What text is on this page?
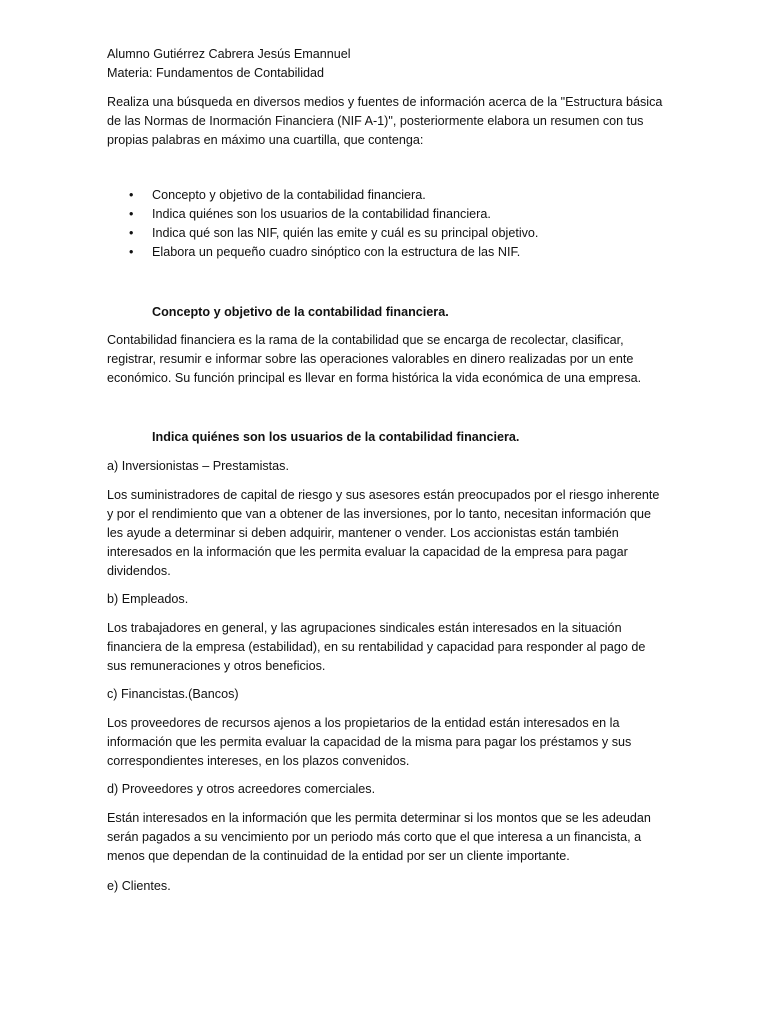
Alumno Gutiérrez Cabrera Jesús Emannuel
Materia: Fundamentos de Contabilidad
Realiza una búsqueda en diversos medios y fuentes de información acerca de la "Estructura básica
de las Normas de Inormación Financiera (NIF A-1)", posteriormente elabora un resumen con tus
propias palabras en máximo una cuartilla, que contenga:
• Concepto y objetivo de la contabilidad financiera.
• Indica quiénes son los usuarios de la contabilidad financiera.
• Indica qué son las NIF, quién las emite y cuál es su principal objetivo.
• Elabora un pequeño cuadro sinóptico con la estructura de las NIF.
Concepto y objetivo de la contabilidad financiera.
Contabilidad financiera es la rama de la contabilidad que se encarga de recolectar, clasificar,
registrar, resumir e informar sobre las operaciones valorables en dinero realizadas por un ente
económico. Su función principal es llevar en forma histórica la vida económica de una empresa.
Indica quiénes son los usuarios de la contabilidad financiera.
a) Inversionistas – Prestamistas.
Los suministradores de capital de riesgo y sus asesores están preocupados por el riesgo inherente
y por el rendimiento que van a obtener de las inversiones, por lo tanto, necesitan información que
les ayude a determinar si deben adquirir, mantener o vender. Los accionistas están también
interesados en la información que les permita evaluar la capacidad de la empresa para pagar
dividendos.
b) Empleados.
Los trabajadores en general, y las agrupaciones sindicales están interesados en la situación
financiera de la empresa (estabilidad), en su rentabilidad y capacidad para responder al pago de
sus remuneraciones y otros beneficios.
c) Financistas.(Bancos)
Los proveedores de recursos ajenos a los propietarios de la entidad están interesados en la
información que les permita evaluar la capacidad de la misma para pagar los préstamos y sus
correspondientes intereses, en los plazos convenidos.
d) Proveedores y otros acreedores comerciales.
Están interesados en la información que les permita determinar si los montos que se les adeudan
serán pagados a su vencimiento por un periodo más corto que el que interesa a un financista, a
menos que dependan de la continuidad de la entidad por ser un cliente importante.
e) Clientes.
